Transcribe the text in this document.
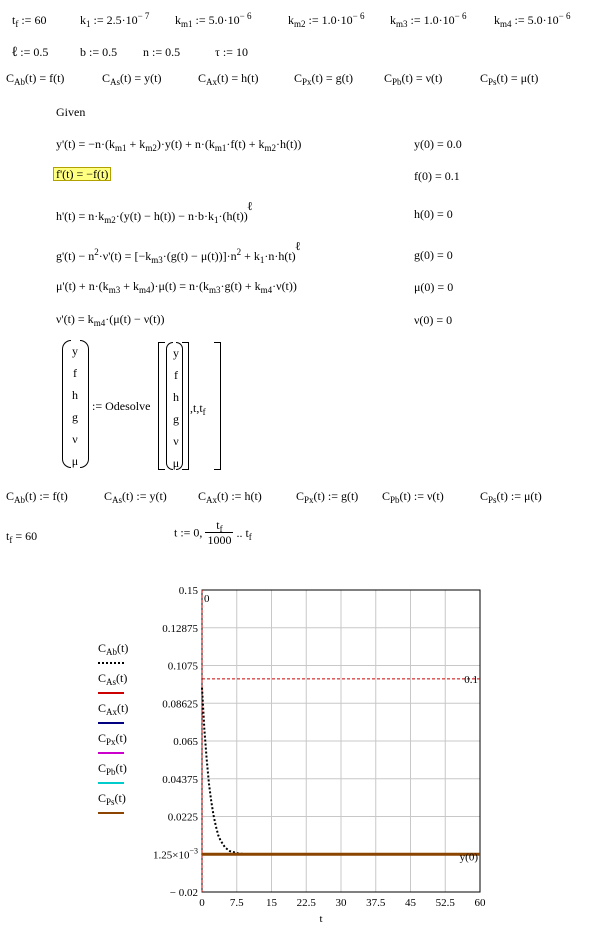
$t_f$ := 60	$k_1$ := $2.5\cdot 10^{- 7}$ $k_{m1}$ := $5.0\cdot 10^{- 6}$	$k_{m2}$ := $1.0\cdot 10^{- 6}$ $k_{m3}$ := $1.0\cdot 10^{- 6}$ $k_{m4}$ := $5.0\cdot 10^{- 6}$
ℓ := 0.5	b := 0.5 n := 0.5	τ := 10
$C_{Ab}(t) = f(t)$	$C_{As}(t) = y(t)$	$C_{Ax}(t) = h(t)$	$C_{Px}(t) = g(t)$	$C_{Pb}(t) = \nu(t)$	$C_{Ps}(t) = \mu(t)$
Given
$y'(t) = -n\cdot(k_{m1} + k_{m2})\cdot y(t) + n\cdot(k_{m1}\cdot f(t) + k_{m2}\cdot h(t))$
f'(t) = −f(t)
$h'(t) = n\cdot k_{m2}\cdot(y(t) - h(t)) - n\cdot b\cdot k_1\cdot(h(t))^\ell$
$g'(t) - n^2\cdot\nu'(t) = [-k_{m3}\cdot(g(t) - \mu(t))]\cdot n^2 + k_1\cdot n\cdot h(t)^\ell$
$\mu'(t) + n\cdot(k_{m3} + k_{m4})\cdot\mu(t) = n\cdot(k_{m3}\cdot g(t) + k_{m4}\cdot\nu(t))$
$\nu'(t) = k_{m4}\cdot(\mu(t) - \nu(t))$
y(0) = 0.0
f(0) = 0.1
h(0) = 0
g(0) = 0
μ(0) = 0
ν(0) = 0
y
f
h
g
ν
μ
:= Odesolve
y
f
h
g
ν
μ
$,t,t_f$
$C_{Ab}(t)$ := f(t)	$C_{As}(t)$ := y(t)	$C_{Ax}(t)$ := h(t)	$C_{Px}(t)$ := g(t) $C_{Pb}(t)$ := ν(t)	$C_{Ps}(t)$ := μ(t)
$t_f = 60$	t := 0, $\frac{t_f}{1000}$ .. $t_f$
$C_{Ab}(t)$
$C_{As}(t)$
$C_{Ax}(t)$
$C_{Px}(t)$
$C_{Pb}(t)$
$C_{Ps}(t)$
0 7.5 15 22.5 30 37.5 45 52.5 60
− 0.02
$1.25\times 10^{-3}$
0.0225
0.04375
0.065
0.08625
0.1075
0.12875
0.15
0.1
y(0)
0
t
